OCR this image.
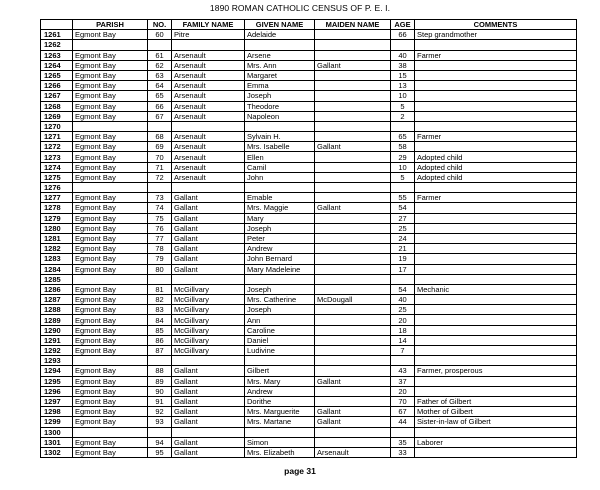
1890 ROMAN CATHOLIC CENSUS OF P. E. I.
	PARISH	NO.	FAMILY NAME	GIVEN NAME	MAIDEN NAME	AGE	COMMENTS
1261	Egmont Bay	60	Pitre	Adelaide		66	Step grandmother
1262							
1263	Egmont Bay	61	Arsenault	Arsene		40	Farmer
1264	Egmont Bay	62	Arsenault	Mrs. Ann	Gallant	38	
1265	Egmont Bay	63	Arsenault	Margaret		15	
1266	Egmont Bay	64	Arsenault	Emma		13	
1267	Egmont Bay	65	Arsenault	Joseph		10	
1268	Egmont Bay	66	Arsenault	Theodore		5	
1269	Egmont Bay	67	Arsenault	Napoleon		2	
1270							
1271	Egmont Bay	68	Arsenault	Sylvain H.		65	Farmer
1272	Egmont Bay	69	Arsenault	Mrs. Isabelle	Gallant	58	
1273	Egmont Bay	70	Arsenault	Ellen		29	Adopted child
1274	Egmont Bay	71	Arsenault	Camil		10	Adopted child
1275	Egmont Bay	72	Arsenault	John		5	Adopted child
1276							
1277	Egmont Bay	73	Gallant	Emable		55	Farmer
1278	Egmont Bay	74	Gallant	Mrs. Maggie	Gallant	54	
1279	Egmont Bay	75	Gallant	Mary		27	
1280	Egmont Bay	76	Gallant	Joseph		25	
1281	Egmont Bay	77	Gallant	Peter		24	
1282	Egmont Bay	78	Gallant	Andrew		21	
1283	Egmont Bay	79	Gallant	John Bernard		19	
1284	Egmont Bay	80	Gallant	Mary Madeleine		17	
1285							
1286	Egmont Bay	81	McGillvary	Joseph		54	Mechanic
1287	Egmont Bay	82	McGillvary	Mrs. Catherine	McDougall	40	
1288	Egmont Bay	83	McGillvary	Joseph		25	
1289	Egmont Bay	84	McGillvary	Ann		20	
1290	Egmont Bay	85	McGillvary	Caroline		18	
1291	Egmont Bay	86	McGillvary	Daniel		14	
1292	Egmont Bay	87	McGillvary	Ludivine		7	
1293							
1294	Egmont Bay	88	Gallant	Gilbert		43	Farmer, prosperous
1295	Egmont Bay	89	Gallant	Mrs. Mary	Gallant	37	
1296	Egmont Bay	90	Gallant	Andrew		20	
1297	Egmont Bay	91	Gallant	Dorithe		70	Father of Gilbert
1298	Egmont Bay	92	Gallant	Mrs. Marguerite	Gallant	67	Mother of Gilbert
1299	Egmont Bay	93	Gallant	Mrs. Martane	Gallant	44	Sister-in-law of Gilbert
1300							
1301	Egmont Bay	94	Gallant	Simon		35	Laborer
1302	Egmont Bay	95	Gallant	Mrs. Elizabeth	Arsenault	33	
page 31
